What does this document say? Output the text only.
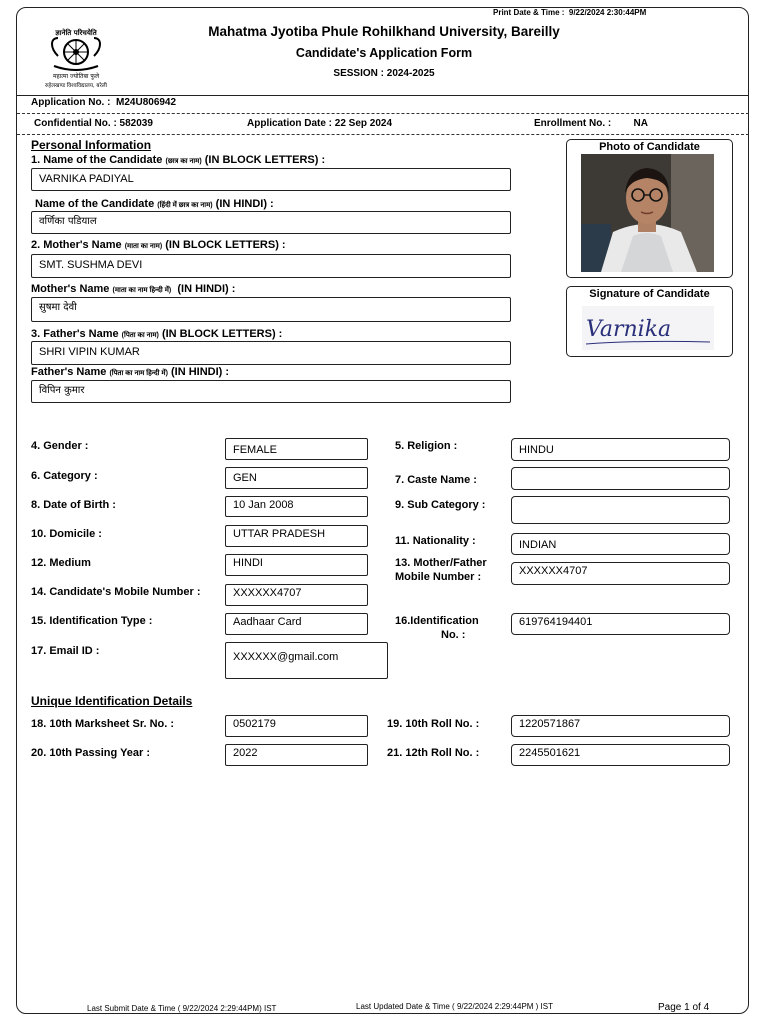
Print Date & Time : 9/22/2024 2:30:44PM
ज्ञानेति परिचयेति
महात्मा ज्योतिबा फुले
रुहेलखण्ड विश्वविद्यालय, बरेली
Mahatma Jyotiba Phule Rohilkhand University, Bareilly
Candidate's Application Form
SESSION : 2024-2025
Application No. : M24U806942
Confidential No. : 582039	Application Date : 22 Sep 2024	Enrollment No. : NA
Personal Information
1. Name of the Candidate (छात्र का नाम) (IN BLOCK LETTERS) :
VARNIKA PADIYAL
Name of the Candidate (हिंदी में छात्र का नाम) (IN HINDI) :
वर्णिका पडियाल
2. Mother's Name (माता का नाम) (IN BLOCK LETTERS) :
SMT. SUSHMA DEVI
Mother's Name (माता का नाम हिन्दी में) (IN HINDI) :
सुषमा देवी
3. Father's Name (पिता का नाम) (IN BLOCK LETTERS) :
SHRI VIPIN KUMAR
Father's Name (पिता का नाम हिन्दी में) (IN HINDI) :
विपिन कुमार
Photo of Candidate
Signature of Candidate
Varnika
4. Gender :	FEMALE	5. Religion :	HINDU
6. Category :	GEN	7. Caste Name :
8. Date of Birth :	10 Jan 2008	9. Sub Category :
10. Domicile :	UTTAR PRADESH
11. Nationality :	INDIAN
12. Medium	HINDI	13. Mother/Father
Mobile Number :	XXXXXX4707
14. Candidate's Mobile Number :	XXXXXX4707
15. Identification Type :	Aadhaar Card	16.Identification
No. :
619764194401
17. Email ID :	XXXXXX@gmail.com
Unique Identification Details
18. 10th Marksheet Sr. No. :	0502179	19. 10th Roll No. :	1220571867
20. 10th Passing Year :	2022	21. 12th Roll No. :	2245501621
Last Submit Date & Time ( 9/22/2024 2:29:44PM) IST	Last Updated Date & Time ( 9/22/2024 2:29:44PM ) IST	Page 1 of 4
